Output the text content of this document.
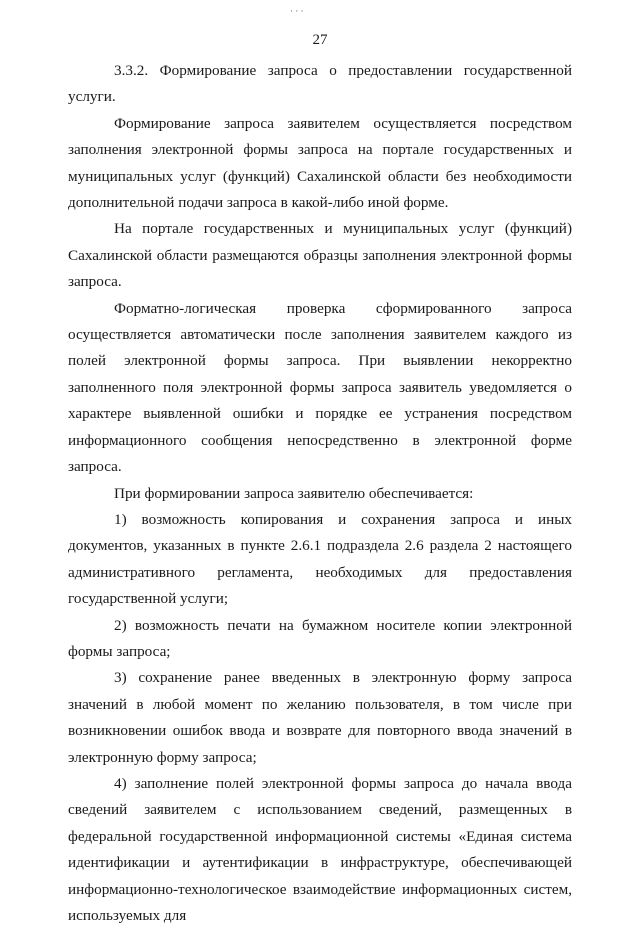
· · ·
27

3.3.2. Формирование запроса о предоставлении государственной услуги.

Формирование запроса заявителем осуществляется посредством заполнения электронной формы запроса на портале государственных и муниципальных услуг (функций) Сахалинской области без необходимости дополнительной подачи запроса в какой-либо иной форме.

На портале государственных и муниципальных услуг (функций) Сахалинской области размещаются образцы заполнения электронной формы запроса.

Форматно-логическая проверка сформированного запроса осуществляется автоматически после заполнения заявителем каждого из полей электронной формы запроса. При выявлении некорректно заполненного поля электронной формы запроса заявитель уведомляется о характере выявленной ошибки и порядке ее устранения посредством информационного сообщения непосредственно в электронной форме запроса.

При формировании запроса заявителю обеспечивается:

1) возможность копирования и сохранения запроса и иных документов, указанных в пункте 2.6.1 подраздела 2.6 раздела 2 настоящего административного регламента, необходимых для предоставления государственной услуги;

2) возможность печати на бумажном носителе копии электронной формы запроса;

3) сохранение ранее введенных в электронную форму запроса значений в любой момент по желанию пользователя, в том числе при возникновении ошибок ввода и возврате для повторного ввода значений в электронную форму запроса;

4) заполнение полей электронной формы запроса до начала ввода сведений заявителем с использованием сведений, размещенных в федеральной государственной информационной системы «Единая система идентификации и аутентификации в инфраструктуре, обеспечивающей информационно-технологическое взаимодействие информационных систем, используемых для
